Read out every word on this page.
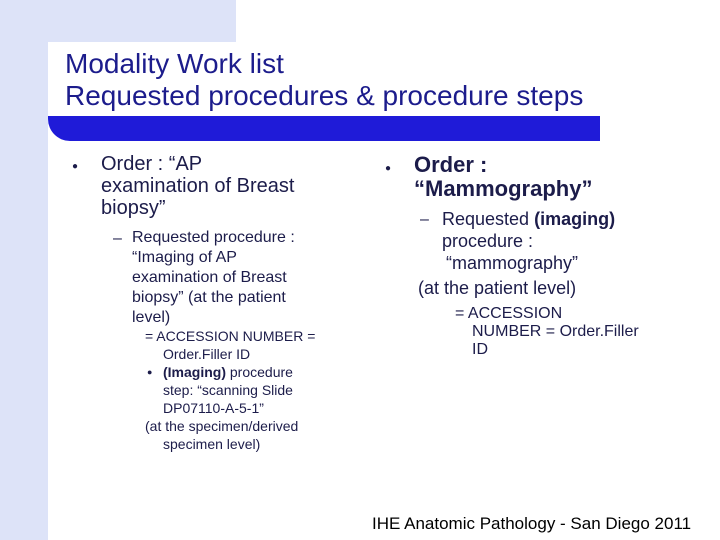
Modality Work list
Requested procedures & procedure steps
● Order : “AP
examination of Breast
biopsy”
– Requested procedure :
“Imaging of AP
examination of Breast
biopsy” (at the patient
level)
= ACCESSION NUMBER =
Order.Filler ID
● (Imaging) procedure
step: “scanning Slide
DP07110-A-5-1”
(at the specimen/derived
specimen level)
● Order :
“Mammography”
– Requested (imaging)
procedure :
“mammography”
(at the patient level)
= ACCESSION
NUMBER = Order.Filler
ID
IHE Anatomic Pathology - San Diego 2011
